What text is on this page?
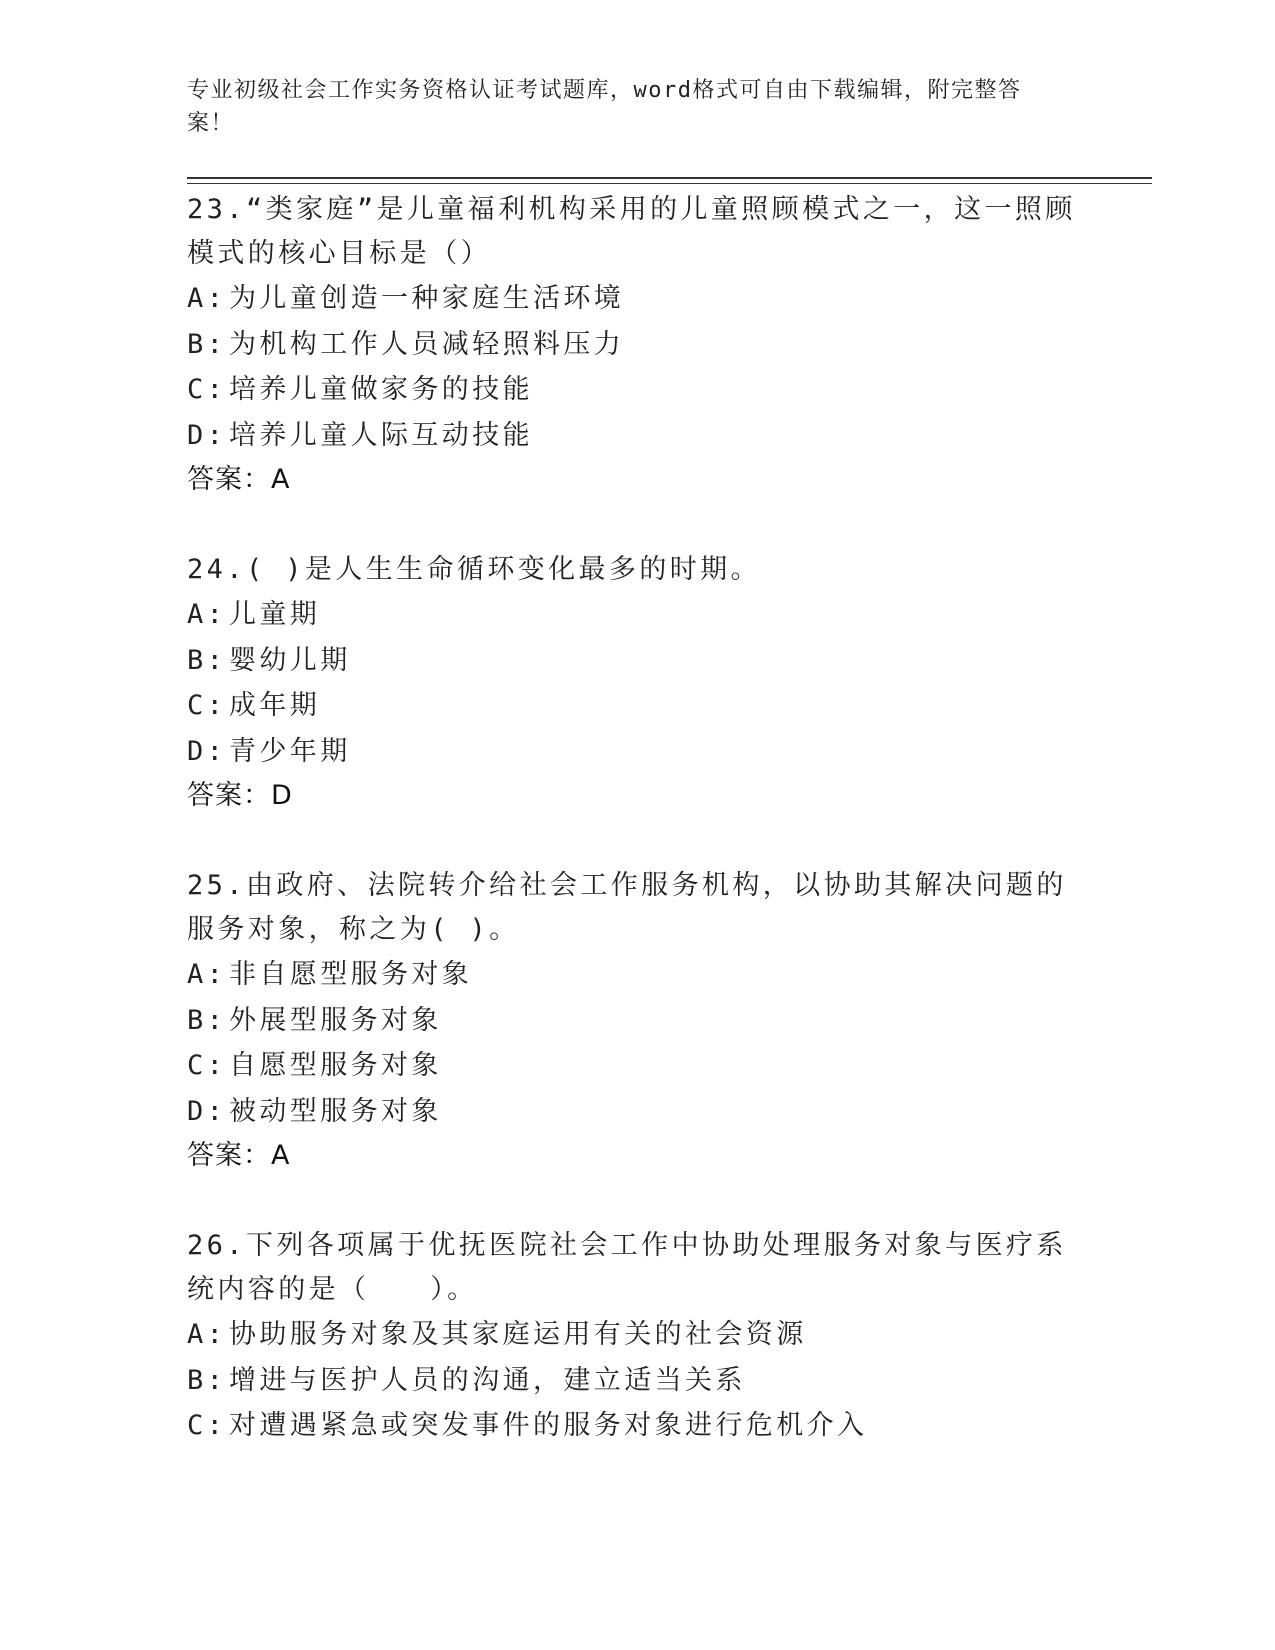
专业初级社会工作实务资格认证考试题库，word格式可自由下载编辑，附完整答案！

23.“类家庭”是儿童福利机构采用的儿童照顾模式之一，这一照顾模式的核心目标是（）

A:为儿童创造一种家庭生活环境
B:为机构工作人员减轻照料压力
C:培养儿童做家务的技能
D:培养儿童人际互动技能
答案：A

24.( )是人生生命循环变化最多的时期。

A:儿童期
B:婴幼儿期
C:成年期
D:青少年期
答案：D

25.由政府、法院转介给社会工作服务机构，以协助其解决问题的服务对象，称之为( )。

A:非自愿型服务对象
B:外展型服务对象
C:自愿型服务对象
D:被动型服务对象
答案：A

26.下列各项属于优抚医院社会工作中协助处理服务对象与医疗系统内容的是（　　）。

A:协助服务对象及其家庭运用有关的社会资源
B:增进与医护人员的沟通，建立适当关系
C:对遭遇紧急或突发事件的服务对象进行危机介入
